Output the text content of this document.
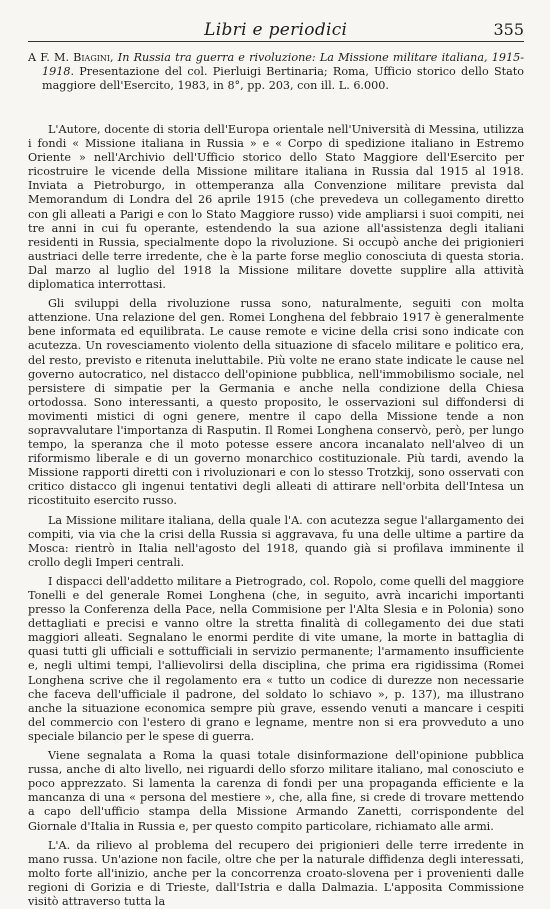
Libri e periodici	355
A F. M. Biagini, In Russia tra guerra e rivoluzione: La Missione militare italiana, 1915-1918. Presentazione del col. Pierluigi Bertinaria; Roma, Ufficio storico dello Stato maggiore dell'Esercito, 1983, in 8°, pp. 203, con ill. L. 6.000.

L'Autore, docente di storia dell'Europa orientale nell'Università di Messina, utilizza i fondi « Missione italiana in Russia » e « Corpo di spedizione italiano in Estremo Oriente » nell'Archivio dell'Ufficio storico dello Stato Maggiore dell'Esercito per ricostruire le vicende della Missione militare italiana in Russia dal 1915 al 1918. Inviata a Pietroburgo, in ottemperanza alla Convenzione militare prevista dal Memorandum di Londra del 26 aprile 1915 (che prevedeva un collegamento diretto con gli alleati a Parigi e con lo Stato Maggiore russo) vide ampliarsi i suoi compiti, nei tre anni in cui fu operante, estendendo la sua azione all'assistenza degli italiani residenti in Russia, specialmente dopo la rivoluzione. Si occupò anche dei prigionieri austriaci delle terre irredente, che è la parte forse meglio conosciuta di questa storia. Dal marzo al luglio del 1918 la Missione militare dovette supplire alla attività diplomatica interrottasi.

Gli sviluppi della rivoluzione russa sono, naturalmente, seguiti con molta attenzione. Una relazione del gen. Romei Longhena del febbraio 1917 è generalmente bene informata ed equilibrata. Le cause remote e vicine della crisi sono indicate con acutezza. Un rovesciamento violento della situazione di sfacelo militare e politico era, del resto, previsto e ritenuta ineluttabile. Più volte ne erano state indicate le cause nel governo autocratico, nel distacco dell'opinione pubblica, nell'immobilismo sociale, nel persistere di simpatie per la Germania e anche nella condizione della Chiesa ortodossa. Sono interessanti, a questo proposito, le osservazioni sul diffondersi di movimenti mistici di ogni genere, mentre il capo della Missione tende a non sopravvalutare l'importanza di Rasputin. Il Romei Longhena conservò, però, per lungo tempo, la speranza che il moto potesse essere ancora incanalato nell'alveo di un riformismo liberale e di un governo monarchico costituzionale. Più tardi, avendo la Missione rapporti diretti con i rivoluzionari e con lo stesso Trotzkij, sono osservati con critico distacco gli ingenui tentativi degli alleati di attirare nell'orbita dell'Intesa un ricostituito esercito russo.

La Missione militare italiana, della quale l'A. con acutezza segue l'allargamento dei compiti, via via che la crisi della Russia si aggravava, fu una delle ultime a partire da Mosca: rientrò in Italia nell'agosto del 1918, quando già si profilava imminente il crollo degli Imperi centrali.

I dispacci dell'addetto militare a Pietrogrado, col. Ropolo, come quelli del maggiore Tonelli e del generale Romei Longhena (che, in seguito, avrà incarichi importanti presso la Conferenza della Pace, nella Commisione per l'Alta Slesia e in Polonia) sono dettagliati e precisi e vanno oltre la stretta finalità di collegamento dei due stati maggiori alleati. Segnalano le enormi perdite di vite umane, la morte in battaglia di quasi tutti gli ufficiali e sottufficiali in servizio permanente; l'armamento insufficiente e, negli ultimi tempi, l'allievolirsi della disciplina, che prima era rigidissima (Romei Longhena scrive che il regolamento era « tutto un codice di durezze non necessarie che faceva dell'ufficiale il padrone, del soldato lo schiavo », p. 137), ma illustrano anche la situazione economica sempre più grave, essendo venuti a mancare i cespiti del commercio con l'estero di grano e legname, mentre non si era provveduto a uno speciale bilancio per le spese di guerra.

Viene segnalata a Roma la quasi totale disinformazione dell'opinione pubblica russa, anche di alto livello, nei riguardi dello sforzo militare italiano, mal conosciuto e poco apprezzato. Si lamenta la carenza di fondi per una propaganda efficiente e la mancanza di una « persona del mestiere », che, alla fine, si crede di trovare mettendo a capo dell'ufficio stampa della Missione Armando Zanetti, corrispondente del Giornale d'Italia in Russia e, per questo compito particolare, richiamato alle armi.

L'A. da rilievo al problema del recupero dei prigionieri delle terre irredente in mano russa. Un'azione non facile, oltre che per la naturale diffidenza degli interessati, molto forte all'inizio, anche per la concorrenza croato-slovena per i provenienti dalle regioni di Gorizia e di Trieste, dall'Istria e dalla Dalmazia. L'apposita Commissione visitò attraverso tutta la
